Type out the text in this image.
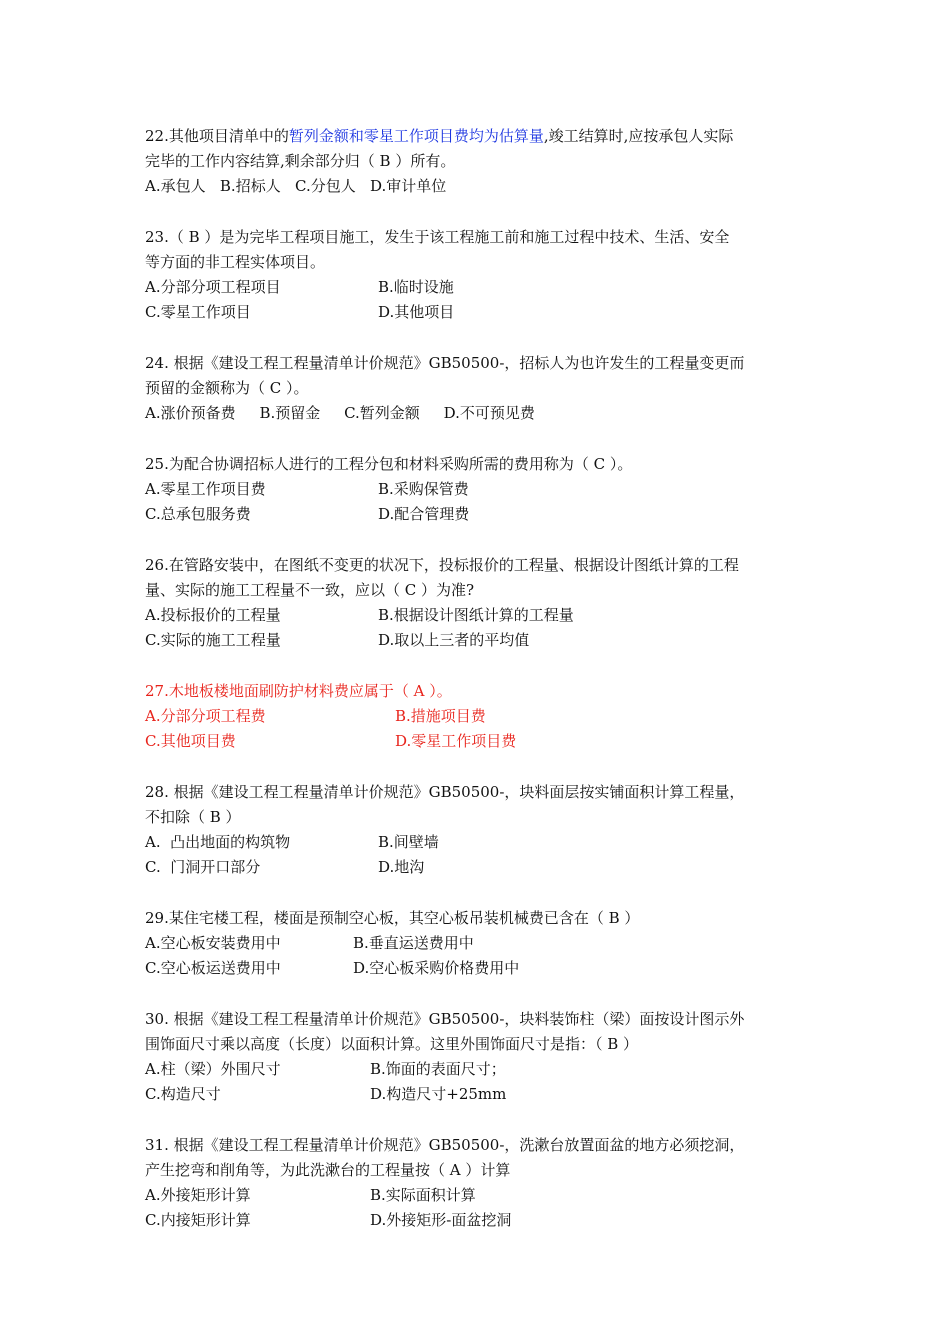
22.其他项目清单中的暂列金额和零星工作项目费均为估算量,竣工结算时,应按承包人实际
完毕的工作内容结算,剩余部分归（ B ）所有。
A.承包人   B.招标人   C.分包人   D.审计单位
23.（ B ）是为完毕工程项目施工，发生于该工程施工前和施工过程中技术、生活、安全
等方面的非工程实体项目。
A.分部分项工程项目	B.临时设施
C.零星工作项目	D.其他项目
24. 根据《建设工程工程量清单计价规范》GB50500-，招标人为也许发生的工程量变更而
预留的金额称为（ C ）。
A.涨价预备费     B.预留金     C.暂列金额     D.不可预见费
25.为配合协调招标人进行的工程分包和材料采购所需的费用称为（ C ）。
A.零星工作项目费	B.采购保管费
C.总承包服务费	D.配合管理费
26.在管路安装中，在图纸不变更的状况下，投标报价的工程量、根据设计图纸计算的工程
量、实际的施工工程量不一致，应以（ C ）为准?
A.投标报价的工程量	B.根据设计图纸计算的工程量
C.实际的施工工程量	D.取以上三者的平均值
27.木地板楼地面刷防护材料费应属于（ A ）。
A.分部分项工程费	B.措施项目费
C.其他项目费	D.零星工作项目费
28. 根据《建设工程工程量清单计价规范》GB50500-，块料面层按实铺面积计算工程量，
不扣除（ B ）
A.  凸出地面的构筑物	B.间壁墙
C.  门洞开口部分	D.地沟
29.某住宅楼工程，楼面是预制空心板，其空心板吊装机械费已含在（ B ）
A.空心板安装费用中	B.垂直运送费用中
C.空心板运送费用中	D.空心板采购价格费用中
30. 根据《建设工程工程量清单计价规范》GB50500-，块料装饰柱（梁）面按设计图示外
围饰面尺寸乘以高度（长度）以面积计算。这里外围饰面尺寸是指：（ B ）
A.柱（梁）外围尺寸	B.饰面的表面尺寸；
C.构造尺寸	D.构造尺寸+25mm
31. 根据《建设工程工程量清单计价规范》GB50500-，洗漱台放置面盆的地方必须挖洞，
产生挖弯和削角等，为此洗漱台的工程量按（ A ）计算
A.外接矩形计算	B.实际面积计算
C.内接矩形计算	D.外接矩形-面盆挖洞
